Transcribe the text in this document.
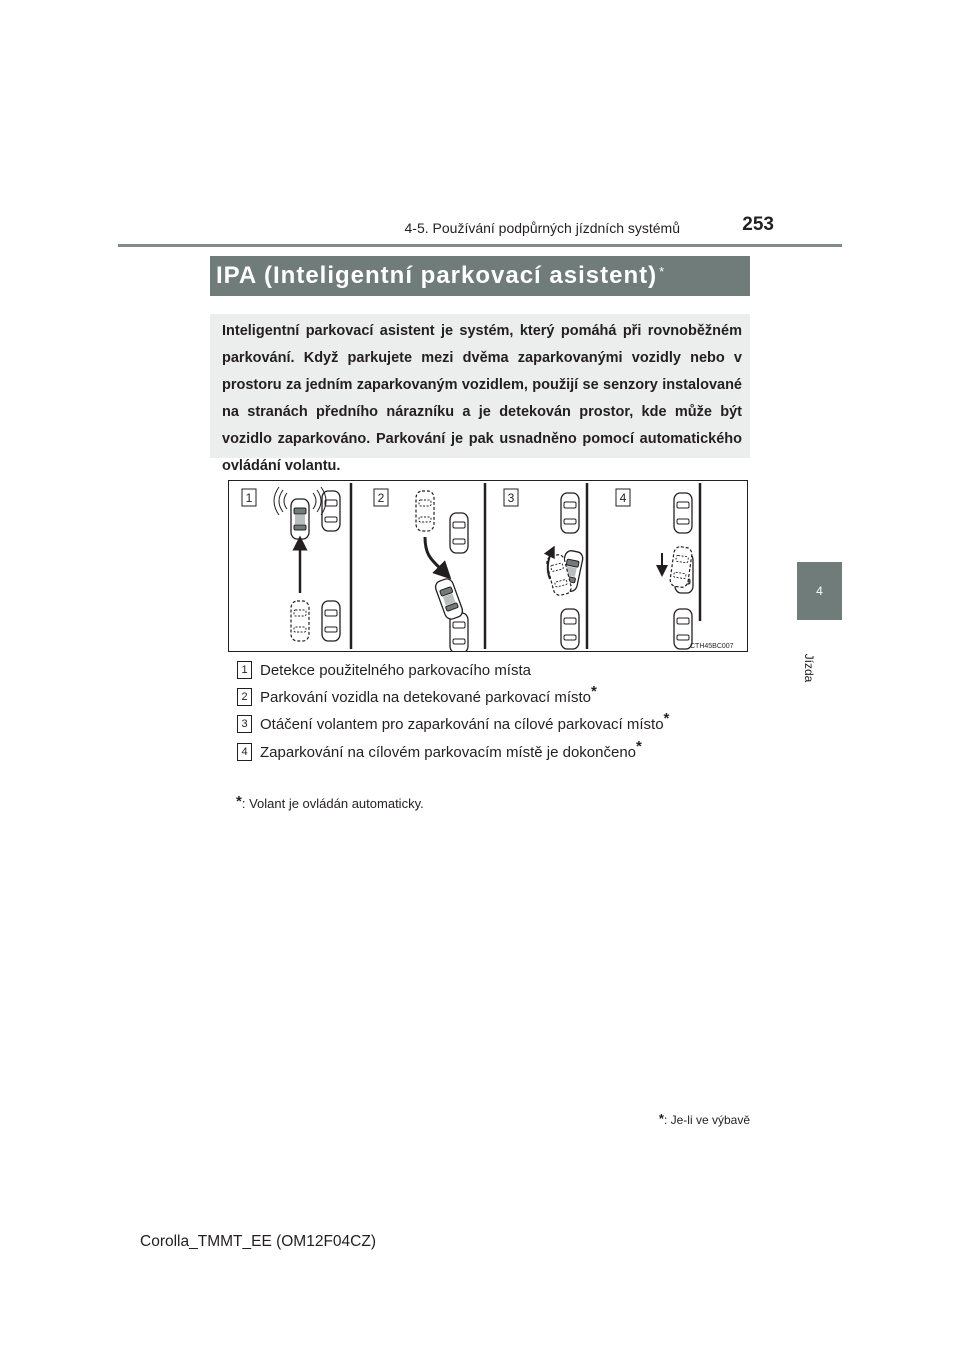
4-5. Používání podpůrných jízdních systémů	253
4
Jízda
IPA (Inteligentní parkovací asistent) *
Inteligentní parkovací asistent je systém, který pomáhá při rovnoběžném parkování. Když parkujete mezi dvěma zaparkovanými vozidly nebo v prostoru za jedním zaparkovaným vozidlem, použijí se senzory instalované na stranách předního nárazníku a je detekován prostor, kde může být vozidlo zaparkováno. Parkování je pak usnadněno pomocí automatického ovládání volantu.
1	2	3	4
CTH45BC007
1 Detekce použitelného parkovacího místa
2 Parkování vozidla na detekované parkovací místo*
3 Otáčení volantem pro zaparkování na cílové parkovací místo*
4 Zaparkování na cílovém parkovacím místě je dokončeno*
*: Volant je ovládán automaticky.
*: Je-li ve výbavě
Corolla_TMMT_EE (OM12F04CZ)
